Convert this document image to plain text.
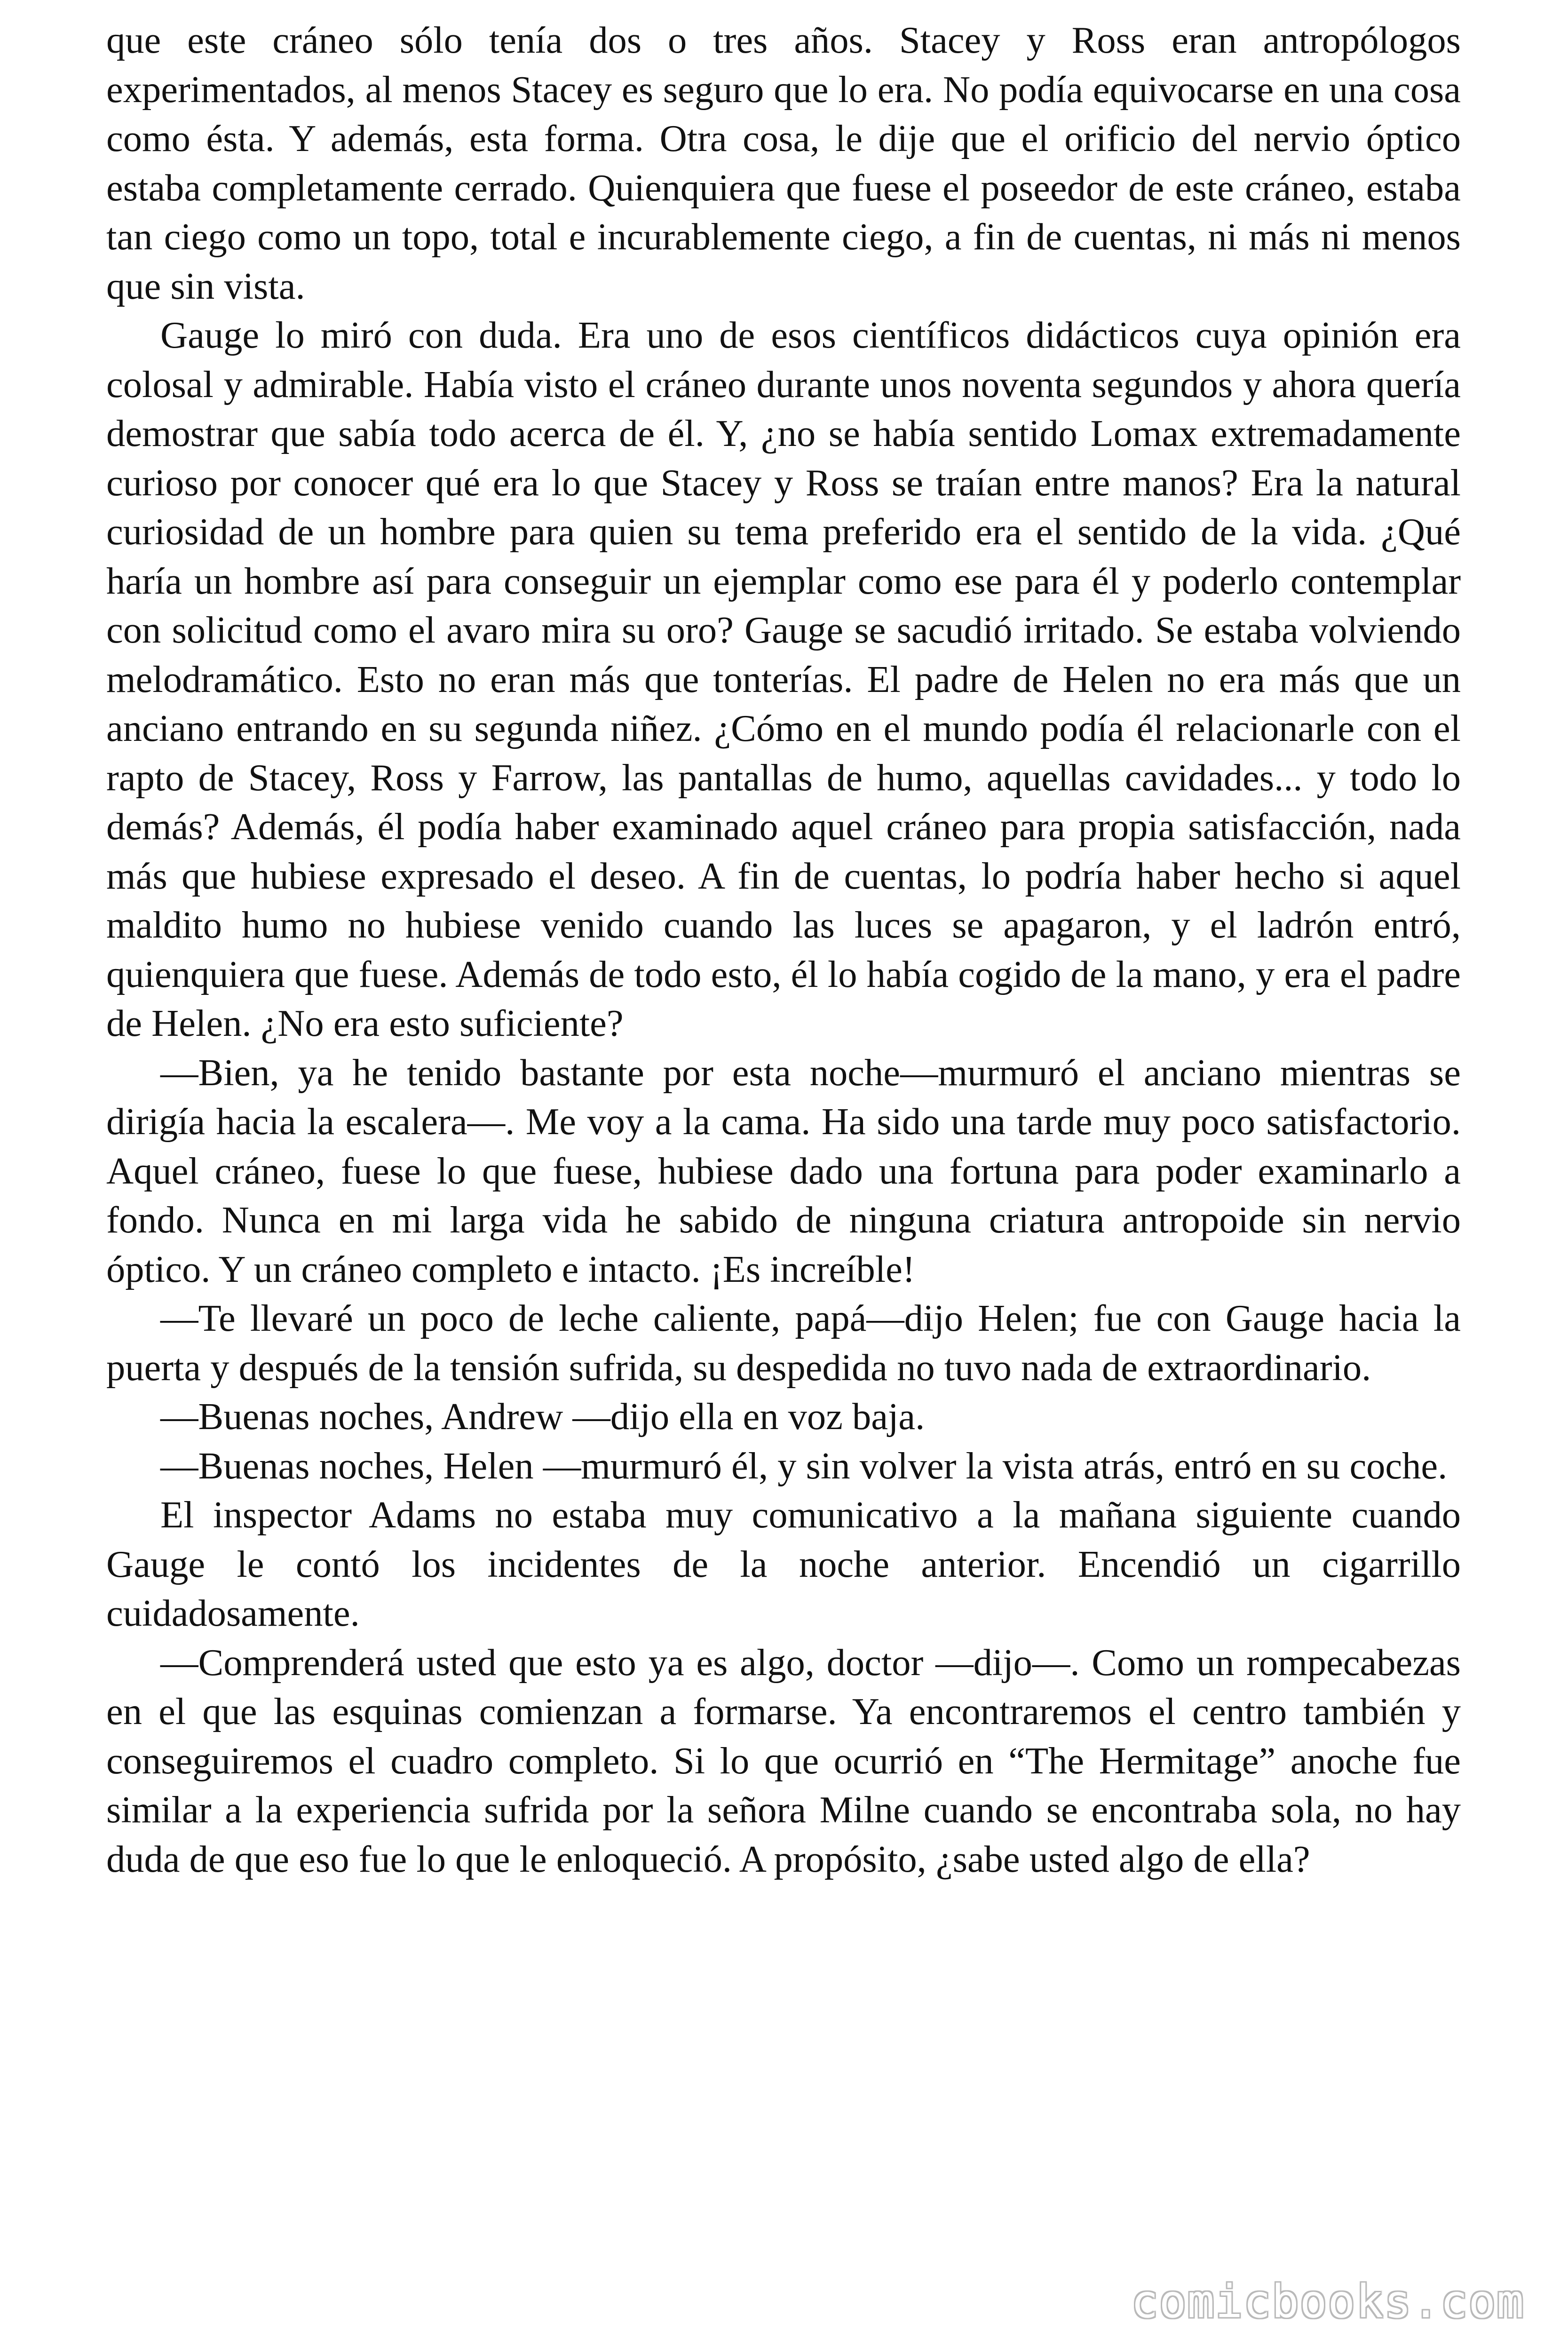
que este cráneo sólo tenía dos o tres años. Stacey y Ross eran antropólogos experimentados, al menos Stacey es seguro que lo era. No podía equivocarse en una cosa como ésta. Y además, esta forma. Otra cosa, le dije que el orificio del nervio óptico estaba completamente cerrado. Quienquiera que fuese el poseedor de este cráneo, estaba tan ciego como un topo, total e incurablemente ciego, a fin de cuentas, ni más ni menos que sin vista.

Gauge lo miró con duda. Era uno de esos científicos didácticos cuya opinión era colosal y admirable. Había visto el cráneo durante unos noventa segundos y ahora quería demostrar que sabía todo acerca de él. Y, ¿no se había sentido Lomax extremadamente curioso por conocer qué era lo que Stacey y Ross se traían entre manos? Era la natural curiosidad de un hombre para quien su tema preferido era el sentido de la vida. ¿Qué haría un hombre así para conseguir un ejemplar como ese para él y poderlo contemplar con solicitud como el avaro mira su oro? Gauge se sacudió irritado. Se estaba volviendo melodramático. Esto no eran más que tonterías. El padre de Helen no era más que un anciano entrando en su segunda niñez. ¿Cómo en el mundo podía él relacionarle con el rapto de Stacey, Ross y Farrow, las pantallas de humo, aquellas cavidades... y todo lo demás? Además, él podía haber examinado aquel cráneo para propia satisfacción, nada más que hubiese expresado el deseo. A fin de cuentas, lo podría haber hecho si aquel maldito humo no hubiese venido cuando las luces se apagaron, y el ladrón entró, quienquiera que fuese. Además de todo esto, él lo había cogido de la mano, y era el padre de Helen. ¿No era esto suficiente?

—Bien, ya he tenido bastante por esta noche—murmuró el anciano mientras se dirigía hacia la escalera—. Me voy a la cama. Ha sido una tarde muy poco satisfactorio. Aquel cráneo, fuese lo que fuese, hubiese dado una fortuna para poder examinarlo a fondo. Nunca en mi larga vida he sabido de ninguna criatura antropoide sin nervio óptico. Y un cráneo completo e intacto. ¡Es increíble!

—Te llevaré un poco de leche caliente, papá—dijo Helen; fue con Gauge hacia la puerta y después de la tensión sufrida, su despedida no tuvo nada de extraordinario.

—Buenas noches, Andrew —dijo ella en voz baja.

—Buenas noches, Helen —murmuró él, y sin volver la vista atrás, entró en su coche.

El inspector Adams no estaba muy comunicativo a la mañana siguiente cuando Gauge le contó los incidentes de la noche anterior. Encendió un cigarrillo cuidadosamente.

—Comprenderá usted que esto ya es algo, doctor —dijo—. Como un rompecabezas en el que las esquinas comienzan a formarse. Ya encontraremos el centro también y conseguiremos el cuadro completo. Si lo que ocurrió en “The Hermitage” anoche fue similar a la experiencia sufrida por la señora Milne cuando se encontraba sola, no hay duda de que eso fue lo que le enloqueció. A propósito, ¿sabe usted algo de ella?

comicbooks.com
